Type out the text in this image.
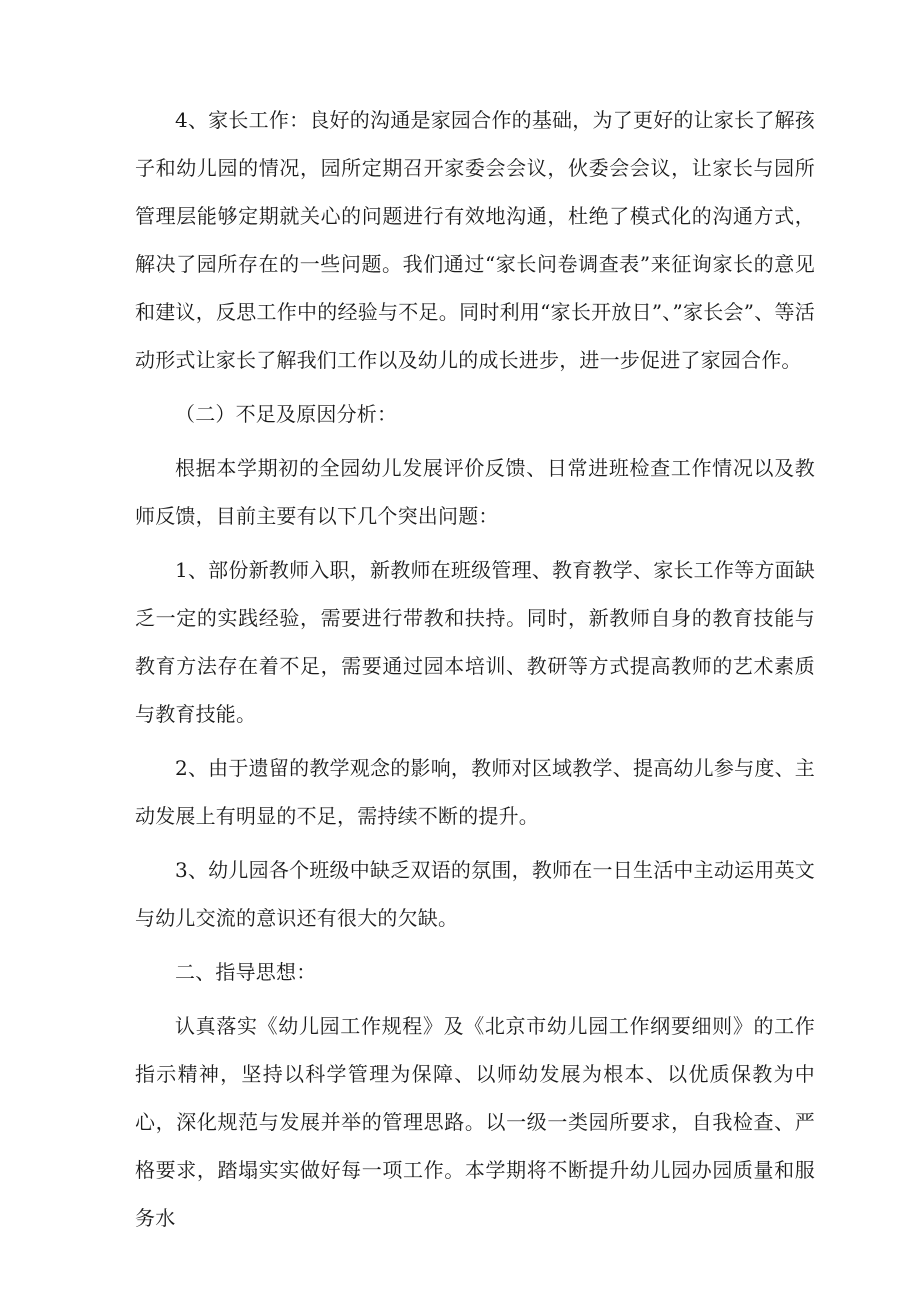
4、家长工作：良好的沟通是家园合作的基础，为了更好的让家长了解孩子和幼儿园的情况，园所定期召开家委会会议，伙委会会议，让家长与园所管理层能够定期就关心的问题进行有效地沟通，杜绝了模式化的沟通方式，解决了园所存在的一些问题。我们通过“家长问卷调查表”来征询家长的意见和建议，反思工作中的经验与不足。同时利用“家长开放日”、”家长会”、等活动形式让家长了解我们工作以及幼儿的成长进步，进一步促进了家园合作。

（二）不足及原因分析：

根据本学期初的全园幼儿发展评价反馈、日常进班检查工作情况以及教师反馈，目前主要有以下几个突出问题：

1、部份新教师入职，新教师在班级管理、教育教学、家长工作等方面缺乏一定的实践经验，需要进行带教和扶持。同时，新教师自身的教育技能与教育方法存在着不足，需要通过园本培训、教研等方式提高教师的艺术素质与教育技能。

2、由于遗留的教学观念的影响，教师对区域教学、提高幼儿参与度、主动发展上有明显的不足，需持续不断的提升。

3、幼儿园各个班级中缺乏双语的氛围，教师在一日生活中主动运用英文与幼儿交流的意识还有很大的欠缺。

二、指导思想：

认真落实《幼儿园工作规程》及《北京市幼儿园工作纲要细则》的工作指示精神，坚持以科学管理为保障、以师幼发展为根本、以优质保教为中心，深化规范与发展并举的管理思路。以一级一类园所要求，自我检查、严格要求，踏塌实实做好每一项工作。本学期将不断提升幼儿园办园质量和服务水
